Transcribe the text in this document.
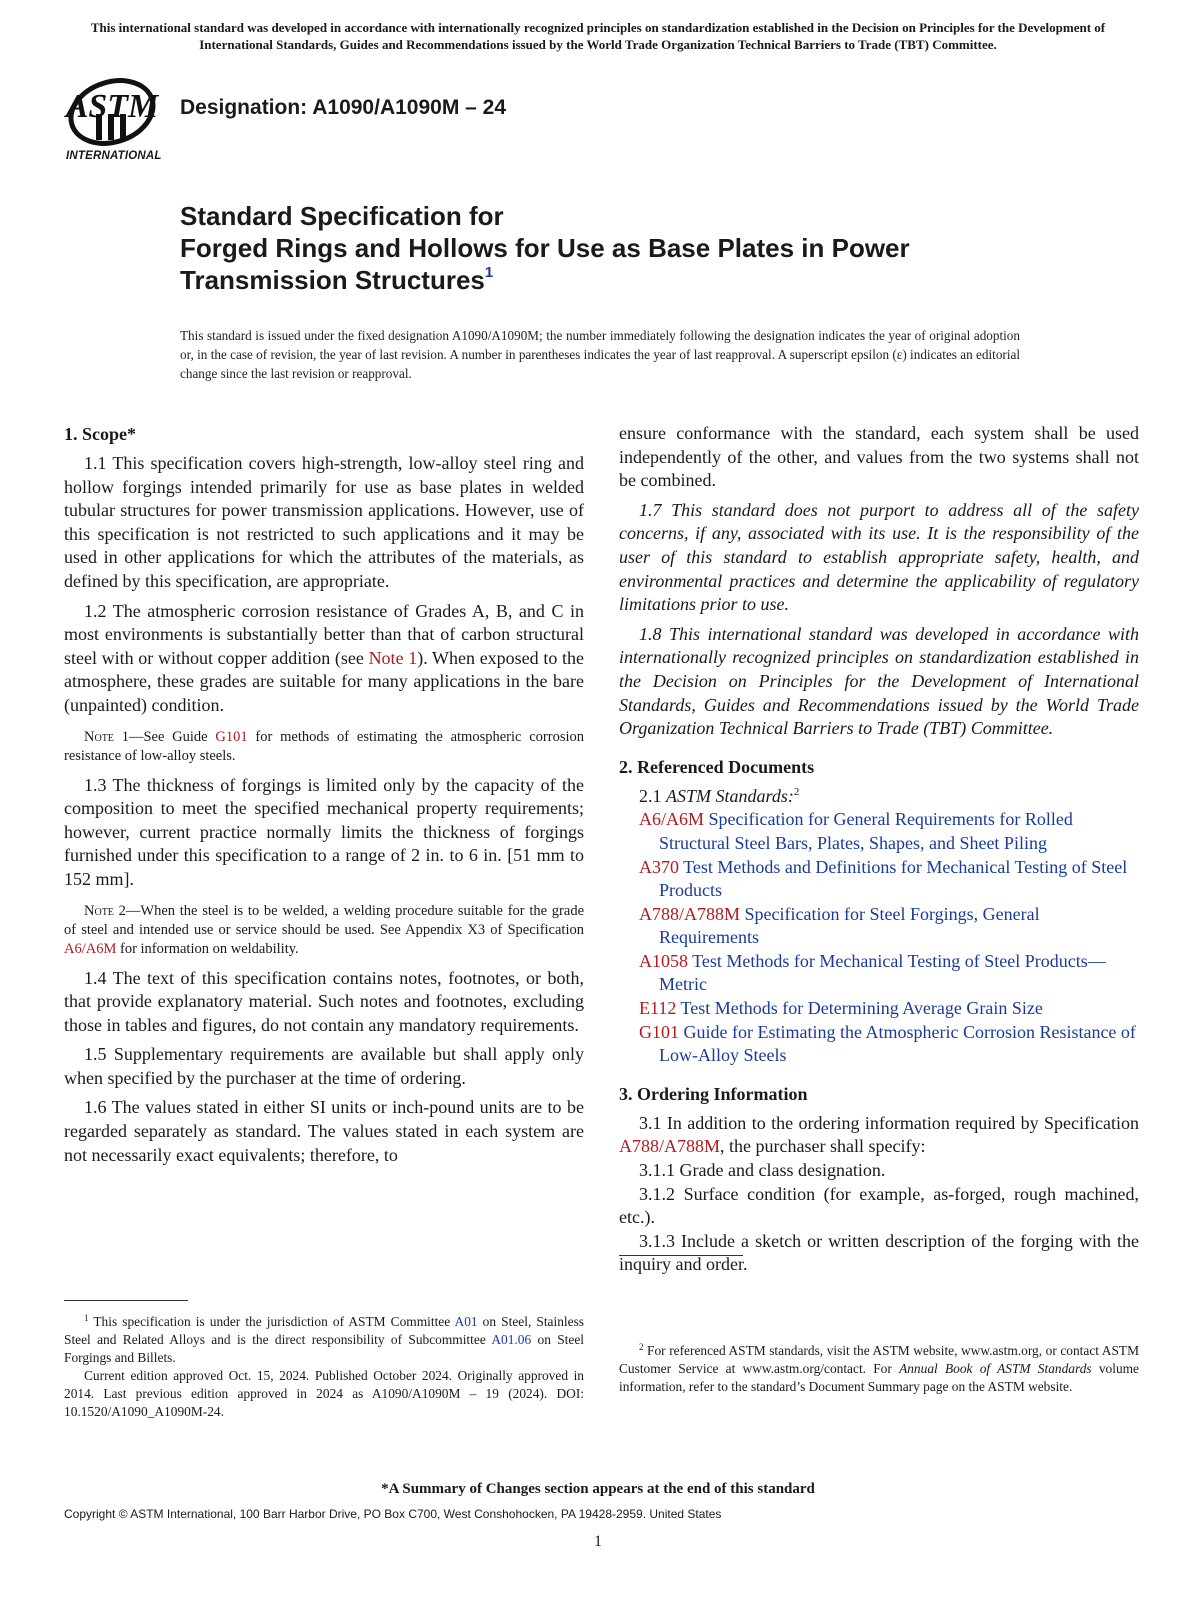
This international standard was developed in accordance with internationally recognized principles on standardization established in the Decision on Principles for the Development of International Standards, Guides and Recommendations issued by the World Trade Organization Technical Barriers to Trade (TBT) Committee.
ASTM
INTERNATIONAL
Designation: A1090/A1090M – 24
Standard Specification for
Forged Rings and Hollows for Use as Base Plates in Power Transmission Structures$^1$
This standard is issued under the fixed designation A1090/A1090M; the number immediately following the designation indicates the year of original adoption or, in the case of revision, the year of last revision. A number in parentheses indicates the year of last reapproval. A superscript epsilon (ε) indicates an editorial change since the last revision or reapproval.
1. Scope*

1.1 This specification covers high-strength, low-alloy steel ring and hollow forgings intended primarily for use as base plates in welded tubular structures for power transmission applications. However, use of this specification is not restricted to such applications and it may be used in other applications for which the attributes of the materials, as defined by this specification, are appropriate.

1.2 The atmospheric corrosion resistance of Grades A, B, and C in most environments is substantially better than that of carbon structural steel with or without copper addition (see Note 1). When exposed to the atmosphere, these grades are suitable for many applications in the bare (unpainted) condition.

Note 1—See Guide G101 for methods of estimating the atmospheric corrosion resistance of low-alloy steels.

1.3 The thickness of forgings is limited only by the capacity of the composition to meet the specified mechanical property requirements; however, current practice normally limits the thickness of forgings furnished under this specification to a range of 2 in. to 6 in. [51 mm to 152 mm].

Note 2—When the steel is to be welded, a welding procedure suitable for the grade of steel and intended use or service should be used. See Appendix X3 of Specification A6/A6M for information on weldability.

1.4 The text of this specification contains notes, footnotes, or both, that provide explanatory material. Such notes and footnotes, excluding those in tables and figures, do not contain any mandatory requirements.

1.5 Supplementary requirements are available but shall apply only when specified by the purchaser at the time of ordering.

1.6 The values stated in either SI units or inch-pound units are to be regarded separately as standard. The values stated in each system are not necessarily exact equivalents; therefore, to

$^1$ This specification is under the jurisdiction of ASTM Committee A01 on Steel, Stainless Steel and Related Alloys and is the direct responsibility of Subcommittee A01.06 on Steel Forgings and Billets.

Current edition approved Oct. 15, 2024. Published October 2024. Originally approved in 2014. Last previous edition approved in 2024 as A1090/A1090M – 19 (2024). DOI: 10.1520/A1090_A1090M-24.

ensure conformance with the standard, each system shall be used independently of the other, and values from the two systems shall not be combined.

1.7 This standard does not purport to address all of the safety concerns, if any, associated with its use. It is the responsibility of the user of this standard to establish appropriate safety, health, and environmental practices and determine the applicability of regulatory limitations prior to use.

1.8 This international standard was developed in accordance with internationally recognized principles on standardization established in the Decision on Principles for the Development of International Standards, Guides and Recommendations issued by the World Trade Organization Technical Barriers to Trade (TBT) Committee.

2. Referenced Documents

2.1 ASTM Standards:$^2$

A6/A6M Specification for General Requirements for Rolled Structural Steel Bars, Plates, Shapes, and Sheet Piling

A370 Test Methods and Definitions for Mechanical Testing of Steel Products

A788/A788M Specification for Steel Forgings, General Requirements

A1058 Test Methods for Mechanical Testing of Steel Products—Metric

E112 Test Methods for Determining Average Grain Size

G101 Guide for Estimating the Atmospheric Corrosion Resistance of Low-Alloy Steels

3. Ordering Information

3.1 In addition to the ordering information required by Specification A788/A788M, the purchaser shall specify:

3.1.1 Grade and class designation.

3.1.2 Surface condition (for example, as-forged, rough machined, etc.).

3.1.3 Include a sketch or written description of the forging with the inquiry and order.

$^2$ For referenced ASTM standards, visit the ASTM website, www.astm.org, or contact ASTM Customer Service at www.astm.org/contact. For Annual Book of ASTM Standards volume information, refer to the standard’s Document Summary page on the ASTM website.

*A Summary of Changes section appears at the end of this standard
Copyright © ASTM International, 100 Barr Harbor Drive, PO Box C700, West Conshohocken, PA 19428-2959. United States
1
